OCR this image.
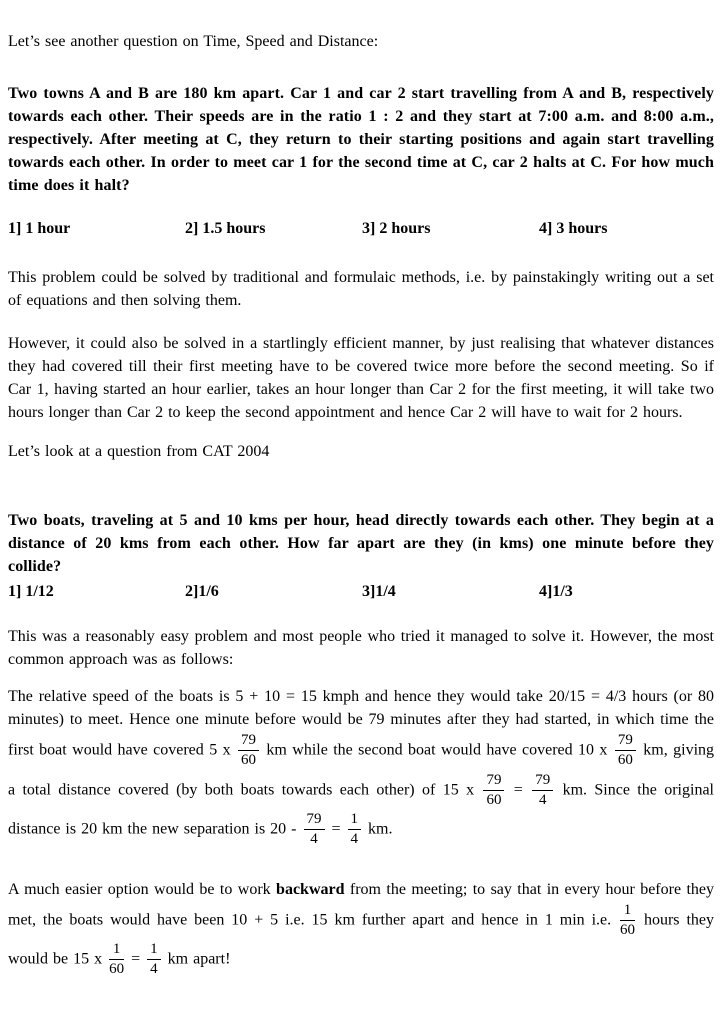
Let’s see another question on Time, Speed and Distance:

Two towns A and B are 180 km apart. Car 1 and car 2 start travelling from A and B, respectively towards each other. Their speeds are in the ratio 1 : 2 and they start at 7:00 a.m. and 8:00 a.m., respectively. After meeting at C, they return to their starting positions and again start travelling towards each other. In order to meet car 1 for the second time at C, car 2 halts at C. For how much time does it halt?

1] 1 hour	2] 1.5 hours	3] 2 hours	4] 3 hours

This problem could be solved by traditional and formulaic methods, i.e. by painstakingly writing out a set of equations and then solving them.

However, it could also be solved in a startlingly efficient manner, by just realising that whatever distances they had covered till their first meeting have to be covered twice more before the second meeting. So if Car 1, having started an hour earlier, takes an hour longer than Car 2 for the first meeting, it will take two hours longer than Car 2 to keep the second appointment and hence Car 2 will have to wait for 2 hours.

Let’s look at a question from CAT 2004

Two boats, traveling at 5 and 10 kms per hour, head directly towards each other. They begin at a distance of 20 kms from each other. How far apart are they (in kms) one minute before they collide?

1] 1/12	2]1/6	3]1/4	4]1/3

This was a reasonably easy problem and most people who tried it managed to solve it. However, the most common approach was as follows:

The relative speed of the boats is 5 + 10 = 15 kmph and hence they would take 20/15 = 4/3 hours (or 80 minutes) to meet. Hence one minute before would be 79 minutes after they had started, in which time the first boat would have covered 5 x $\frac{79}{60}$ km while the second boat would have covered 10 x $\frac{79}{60}$ km, giving a total distance covered (by both boats towards each other) of 15 x $\frac{79}{60} = \frac{79}{4}$ km. Since the original distance is 20 km the new separation is $20 - \frac{79}{4} = \frac{1}{4}$ km.

A much easier option would be to work backward from the meeting; to say that in every hour before they met, the boats would have been 10 + 5 i.e. 15 km further apart and hence in 1 min i.e. $\frac{1}{60}$ hours they would be 15 x $\frac{1}{60} = \frac{1}{4}$ km apart!
